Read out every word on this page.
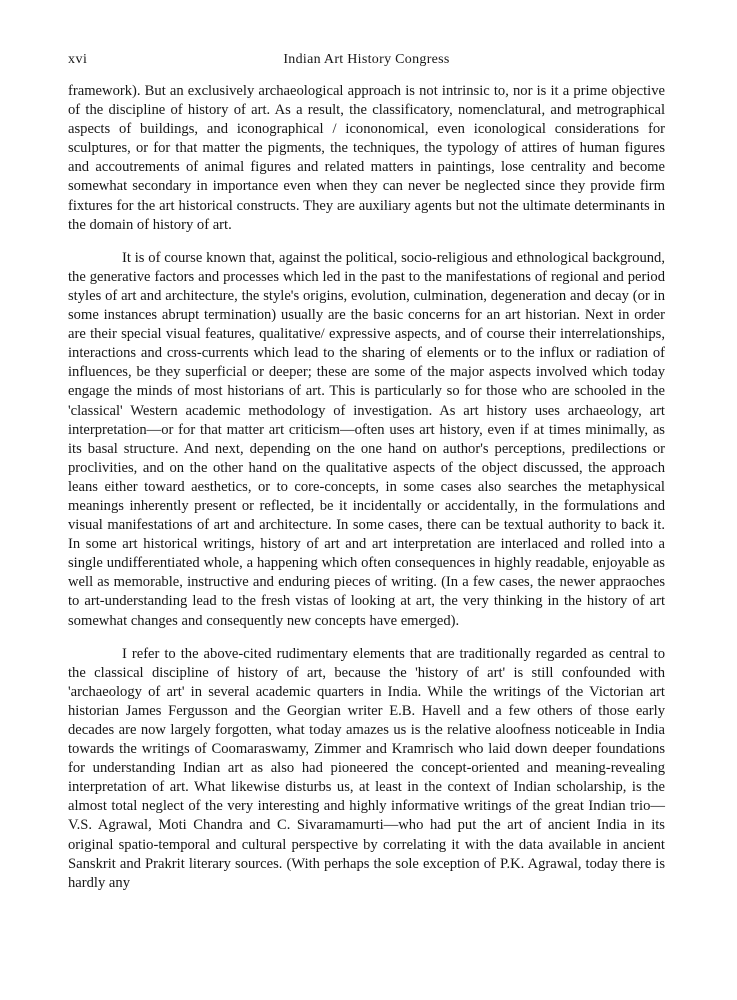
xvi	Indian Art History Congress

framework). But an exclusively archaeological approach is not intrinsic to, nor is it a prime objective of the discipline of history of art. As a result, the classificatory, nomenclatural, and metrographical aspects of buildings, and iconographical / icononomical, even iconological considerations for sculptures, or for that matter the pigments, the techniques, the typology of attires of human figures and accoutrements of animal figures and related matters in paintings, lose centrality and become somewhat secondary in importance even when they can never be neglected since they provide firm fixtures for the art historical constructs. They are auxiliary agents but not the ultimate determinants in the domain of history of art.

It is of course known that, against the political, socio-religious and ethnological background, the generative factors and processes which led in the past to the manifestations of regional and period styles of art and architecture, the style's origins, evolution, culmination, degeneration and decay (or in some instances abrupt termination) usually are the basic concerns for an art historian. Next in order are their special visual features, qualitative/ expressive aspects, and of course their interrelationships, interactions and cross-currents which lead to the sharing of elements or to the influx or radiation of influences, be they superficial or deeper; these are some of the major aspects involved which today engage the minds of most historians of art. This is particularly so for those who are schooled in the 'classical' Western academic methodology of investigation. As art history uses archaeology, art interpretation—or for that matter art criticism—often uses art history, even if at times minimally, as its basal structure. And next, depending on the one hand on author's perceptions, predilections or proclivities, and on the other hand on the qualitative aspects of the object discussed, the approach leans either toward aesthetics, or to core-concepts, in some cases also searches the metaphysical meanings inherently present or reflected, be it incidentally or accidentally, in the formulations and visual manifestations of art and architecture. In some cases, there can be textual authority to back it. In some art historical writings, history of art and art interpretation are interlaced and rolled into a single undifferentiated whole, a happening which often consequences in highly readable, enjoyable as well as memorable, instructive and enduring pieces of writing. (In a few cases, the newer appraoches to art-understanding lead to the fresh vistas of looking at art, the very thinking in the history of art somewhat changes and consequently new concepts have emerged).

I refer to the above-cited rudimentary elements that are traditionally regarded as central to the classical discipline of history of art, because the 'history of art' is still confounded with 'archaeology of art' in several academic quarters in India. While the writings of the Victorian art historian James Fergusson and the Georgian writer E.B. Havell and a few others of those early decades are now largely forgotten, what today amazes us is the relative aloofness noticeable in India towards the writings of Coomaraswamy, Zimmer and Kramrisch who laid down deeper foundations for understanding Indian art as also had pioneered the concept-oriented and meaning-revealing interpretation of art. What likewise disturbs us, at least in the context of Indian scholarship, is the almost total neglect of the very interesting and highly informative writings of the great Indian trio—V.S. Agrawal, Moti Chandra and C. Sivaramamurti—who had put the art of ancient India in its original spatio-temporal and cultural perspective by correlating it with the data available in ancient Sanskrit and Prakrit literary sources. (With perhaps the sole exception of P.K. Agrawal, today there is hardly any
